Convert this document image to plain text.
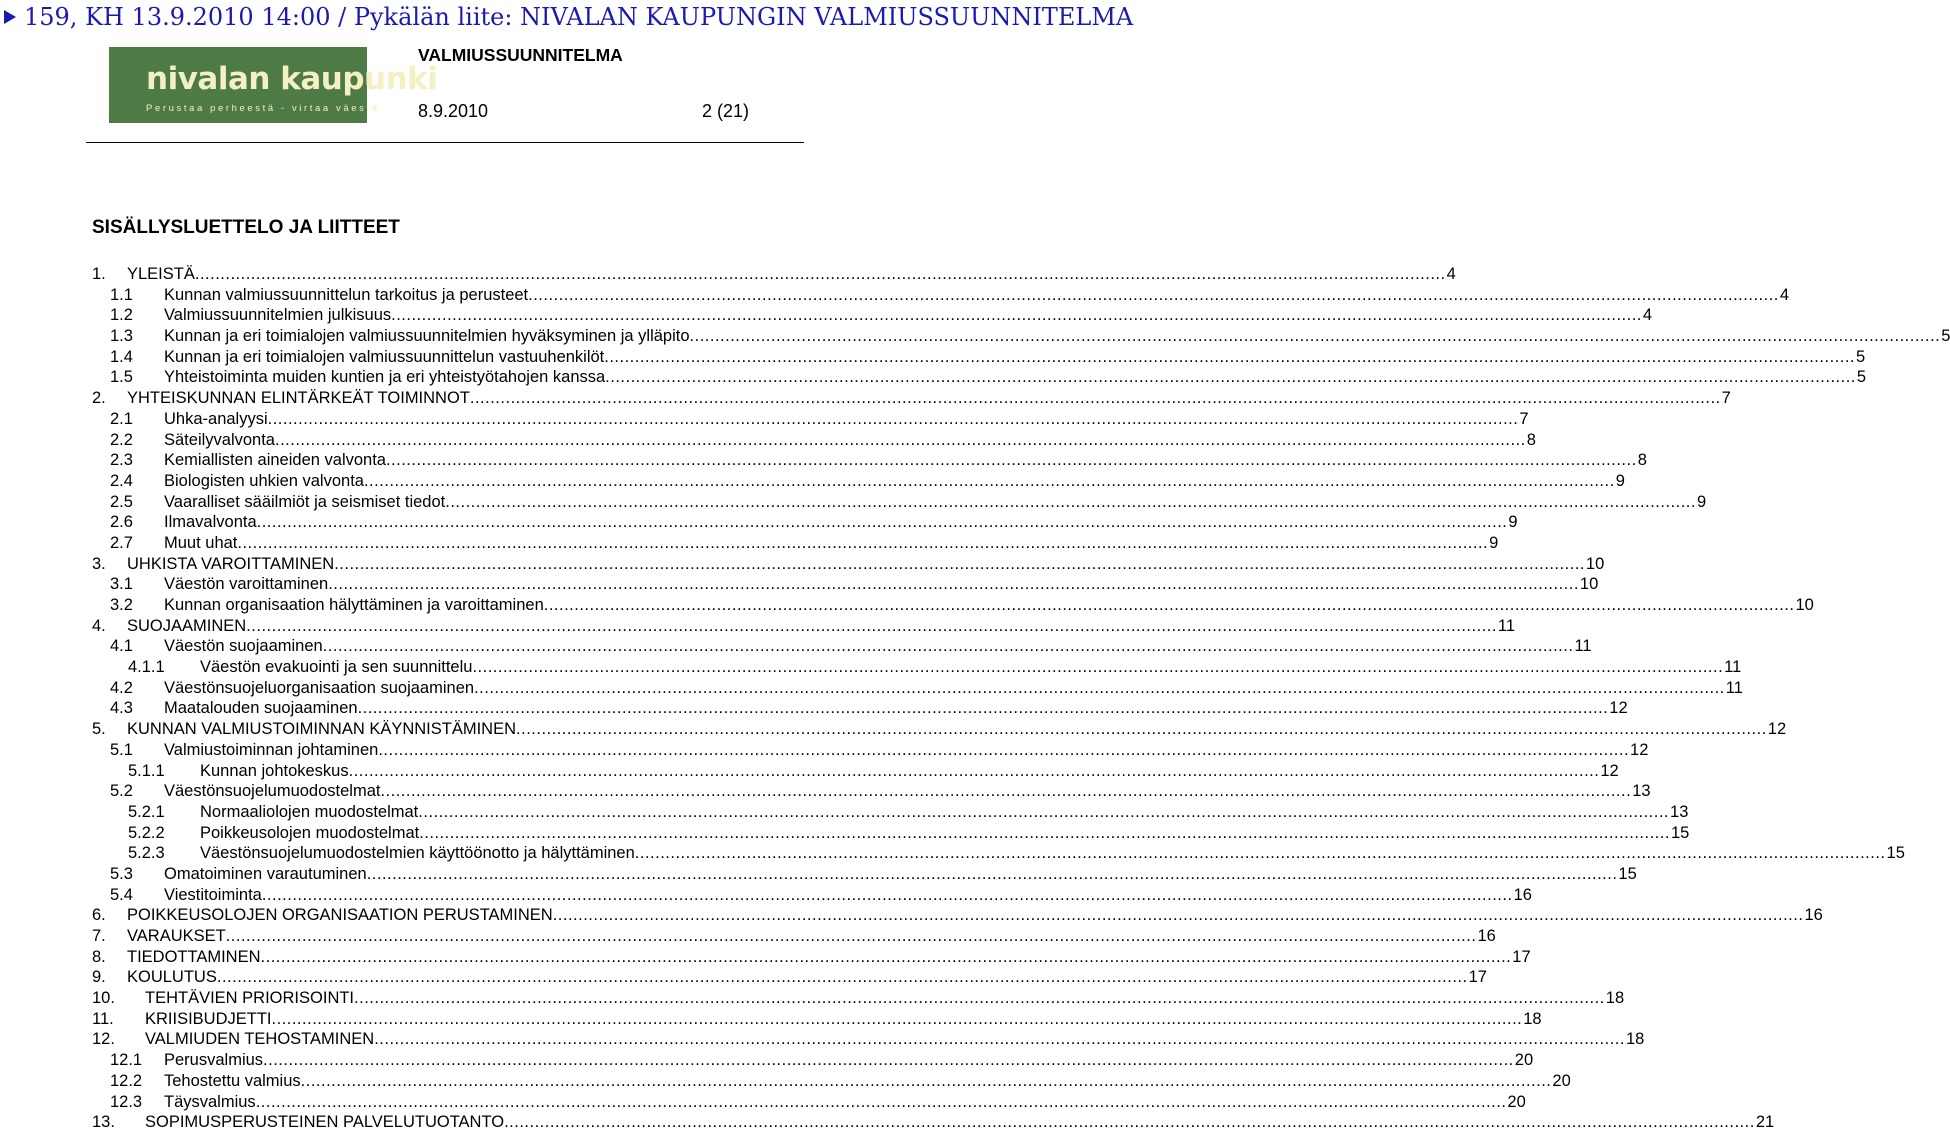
159, KH 13.9.2010 14:00 / Pykälän liite: NIVALAN KAUPUNGIN VALMIUSSUUNNITELMA
nivalan kaupunki
Perustaa perheestä - virtaa väestä
VALMIUSSUUNNITELMA
8.9.2010	2 (21)
SISÄLLYSLUETTELO JA LIITTEET
1. YLEISTÄ .....	4
1.1 Kunnan valmiussuunnittelun tarkoitus ja perusteet .....	4
1.2 Valmiussuunnitelmien julkisuus .....	4
1.3 Kunnan ja eri toimialojen valmiussuunnitelmien hyväksyminen ja ylläpito .....	5
1.4 Kunnan ja eri toimialojen valmiussuunnittelun vastuuhenkilöt .....	5
1.5 Yhteistoiminta muiden kuntien ja eri yhteistyötahojen kanssa .....	5
2. YHTEISKUNNAN ELINTÄRKEÄT TOIMINNOT .....	7
2.1 Uhka-analyysi .....	7
2.2 Säteilyvalvonta .....	8
2.3 Kemiallisten aineiden valvonta .....	8
2.4 Biologisten uhkien valvonta .....	9
2.5 Vaaralliset sääilmiöt ja seismiset tiedot .....	9
2.6 Ilmavalvonta .....	9
2.7 Muut uhat .....	9
3. UHKISTA VAROITTAMINEN .....	10
3.1 Väestön varoittaminen .....	10
3.2 Kunnan organisaation hälyttäminen ja varoittaminen .....	10
4. SUOJAAMINEN .....	11
4.1 Väestön suojaaminen .....	11
4.1.1 Väestön evakuointi ja sen suunnittelu .....	11
4.2 Väestönsuojeluorganisaation suojaaminen .....	11
4.3 Maatalouden suojaaminen .....	12
5. KUNNAN VALMIUSTOIMINNAN KÄYNNISTÄMINEN .....	12
5.1 Valmiustoiminnan johtaminen .....	12
5.1.1 Kunnan johtokeskus .....	12
5.2 Väestönsuojelumuodostelmat .....	13
5.2.1 Normaaliolojen muodostelmat .....	13
5.2.2 Poikkeusolojen muodostelmat .....	15
5.2.3 Väestönsuojelumuodostelmien käyttöönotto ja hälyttäminen .....	15
5.3 Omatoiminen varautuminen .....	15
5.4 Viestitoiminta .....	16
6. POIKKEUSOLOJEN ORGANISAATION PERUSTAMINEN .....	16
7. VARAUKSET .....	16
8. TIEDOTTAMINEN .....	17
9. KOULUTUS .....	17
10. TEHTÄVIEN PRIORISOINTI .....	18
11. KRIISIBUDJETTI .....	18
12. VALMIUDEN TEHOSTAMINEN .....	18
12.1 Perusvalmius .....	20
12.2 Tehostettu valmius .....	20
12.3 Täysvalmius .....	20
13. SOPIMUSPERUSTEINEN PALVELUTUOTANTO .....	21
